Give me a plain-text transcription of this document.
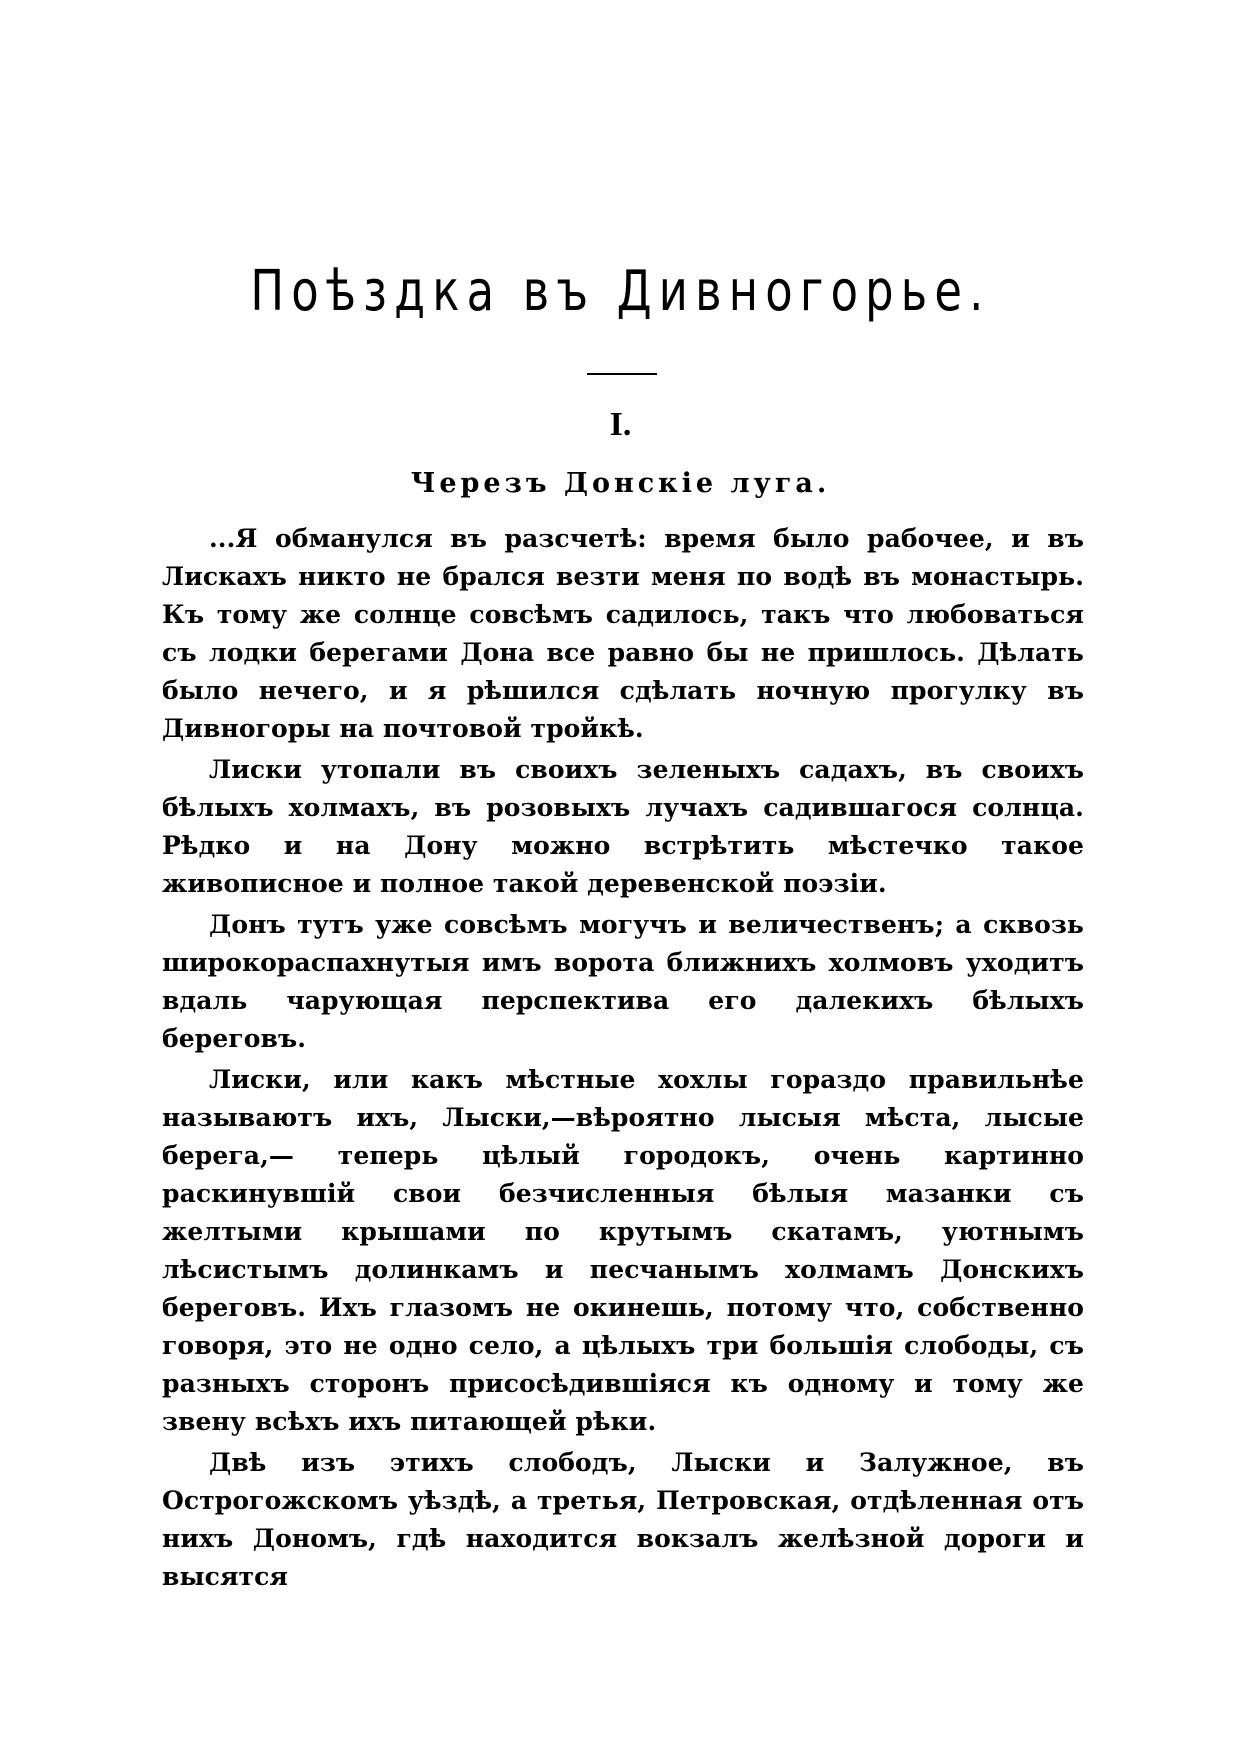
Поѣздка въ Дивногорье.
I.
Черезъ Донскіе луга.

...Я обманулся въ разсчетѣ: время было рабочее, и въ Лискахъ никто не брался везти меня по водѣ въ монастырь. Къ тому же солнце совсѣмъ садилось, такъ что любоваться съ лодки берегами Дона все равно бы не пришлось. Дѣлать было нечего, и я рѣшился сдѣлать ночную прогулку въ Дивногоры на почтовой тройкѣ.

Лиски утопали въ своихъ зеленыхъ садахъ, въ своихъ бѣлыхъ холмахъ, въ розовыхъ лучахъ садившагося солнца. Рѣдко и на Дону можно встрѣтить мѣстечко такое живописное и полное такой деревенской поэзіи.

Донъ тутъ уже совсѣмъ могучъ и величественъ; а сквозь широкораспахнутыя имъ ворота ближнихъ холмовъ уходитъ вдаль чарующая перспектива его далекихъ бѣлыхъ береговъ.

Лиски, или какъ мѣстные хохлы гораздо правильнѣе называютъ ихъ, Лыски,—вѣроятно лысыя мѣста, лысые берега,— теперь цѣлый городокъ, очень картинно раскинувшій свои безчисленныя бѣлыя мазанки съ желтыми крышами по крутымъ скатамъ, уютнымъ лѣсистымъ долинкамъ и песчанымъ холмамъ Донскихъ береговъ. Ихъ глазомъ не окинешь, потому что, собственно говоря, это не одно село, а цѣлыхъ три большія слободы, съ разныхъ сторонъ присосѣдившіяся къ одному и тому же звену всѣхъ ихъ питающей рѣки.

Двѣ изъ этихъ слободъ, Лыски и Залужное, въ Острогожскомъ уѣздѣ, а третья, Петровская, отдѣленная отъ нихъ Дономъ, гдѣ находится вокзалъ желѣзной дороги и высятся
